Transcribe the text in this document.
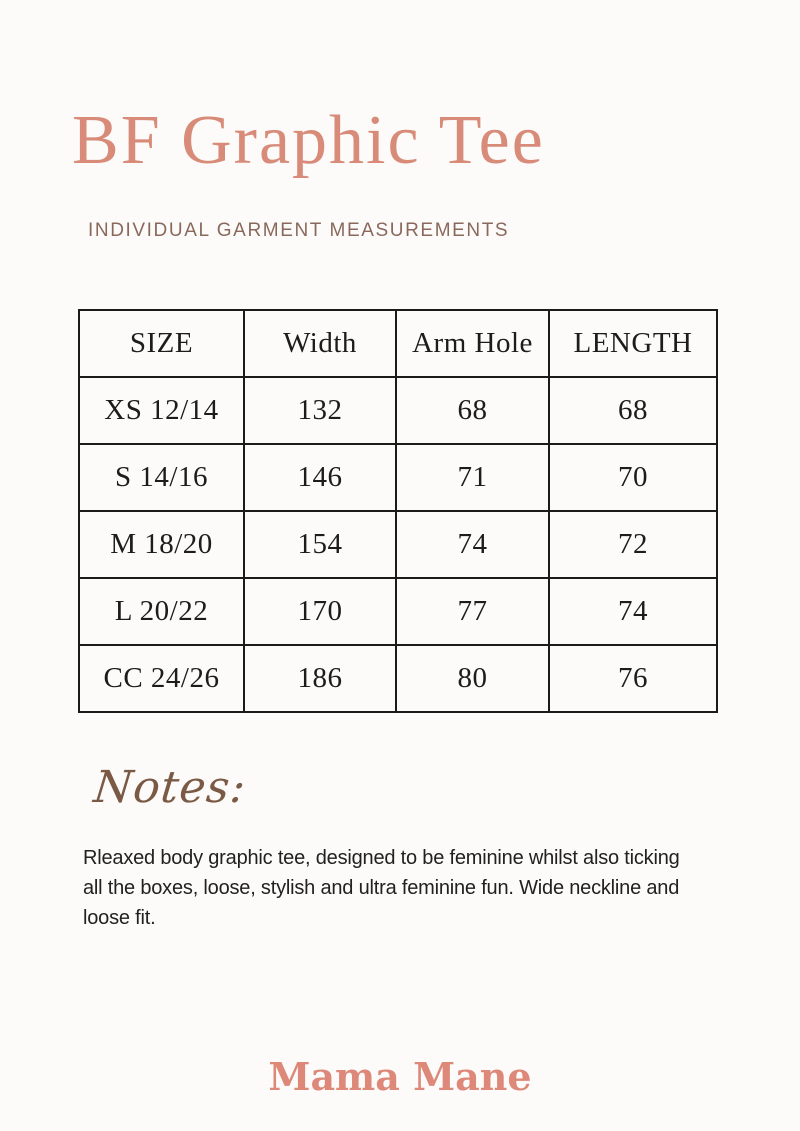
BF Graphic Tee
INDIVIDUAL GARMENT MEASUREMENTS
SIZE	Width	Arm Hole	LENGTH
XS 12/14	132	68	68
S 14/16	146	71	70
M 18/20	154	74	72
L 20/22	170	77	74
CC 24/26	186	80	76
Notes:
Rleaxed body graphic tee, designed to be feminine whilst also ticking
all the boxes, loose, stylish and ultra feminine fun. Wide neckline and
loose fit.
Mama Mane
